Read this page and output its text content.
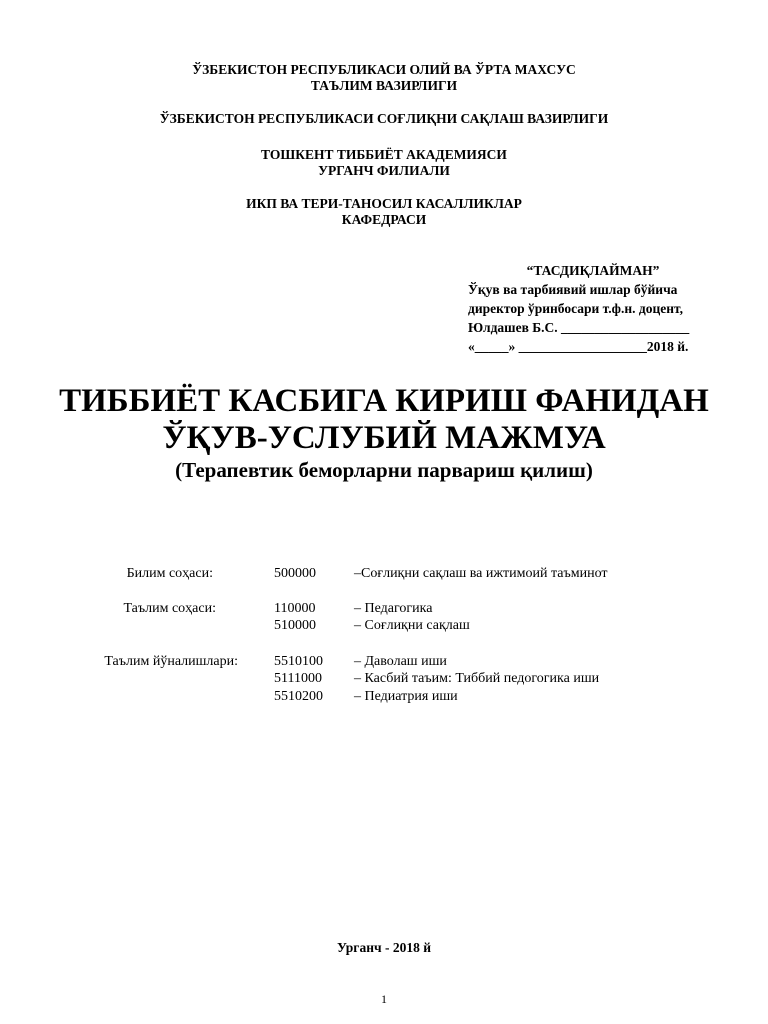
ЎЗБЕКИСТОН РЕСПУБЛИКАСИ ОЛИЙ ВА ЎРТА МАХСУС
ТАЪЛИМ ВАЗИРЛИГИ
ЎЗБЕКИСТОН РЕСПУБЛИКАСИ СОҒЛИҚНИ САҚЛАШ ВАЗИРЛИГИ
ТОШКЕНТ ТИББИЁТ АКАДЕМИЯСИ
УРГАНЧ ФИЛИАЛИ
ИКП ВА ТЕРИ-ТАНОСИЛ КАСАЛЛИКЛАР
КАФЕДРАСИ
“ТАСДИҚЛАЙМАН”
Ўқув ва тарбиявий ишлар бўйича
директор ўринбосари т.ф.н. доцент,
Юлдашев Б.С. ___________________
«_____» ___________________2018 й.
ТИББИЁТ КАСБИГА КИРИШ ФАНИДАН
ЎҚУВ-УСЛУБИЙ МАЖМУА
(Терапевтик беморларни парвариш қилиш)
Билим соҳаси:	500000	–Соғлиқни сақлаш ва ижтимоий таъминот
Таълим соҳаси:	110000	– Педагогика
510000	– Соғлиқни сақлаш
Таълим йўналишлари:	5510100	– Даволаш иши
5111000	– Касбий таъим: Тиббий педогогика иши
5510200	– Педиатрия иши
Урганч - 2018 й
1
